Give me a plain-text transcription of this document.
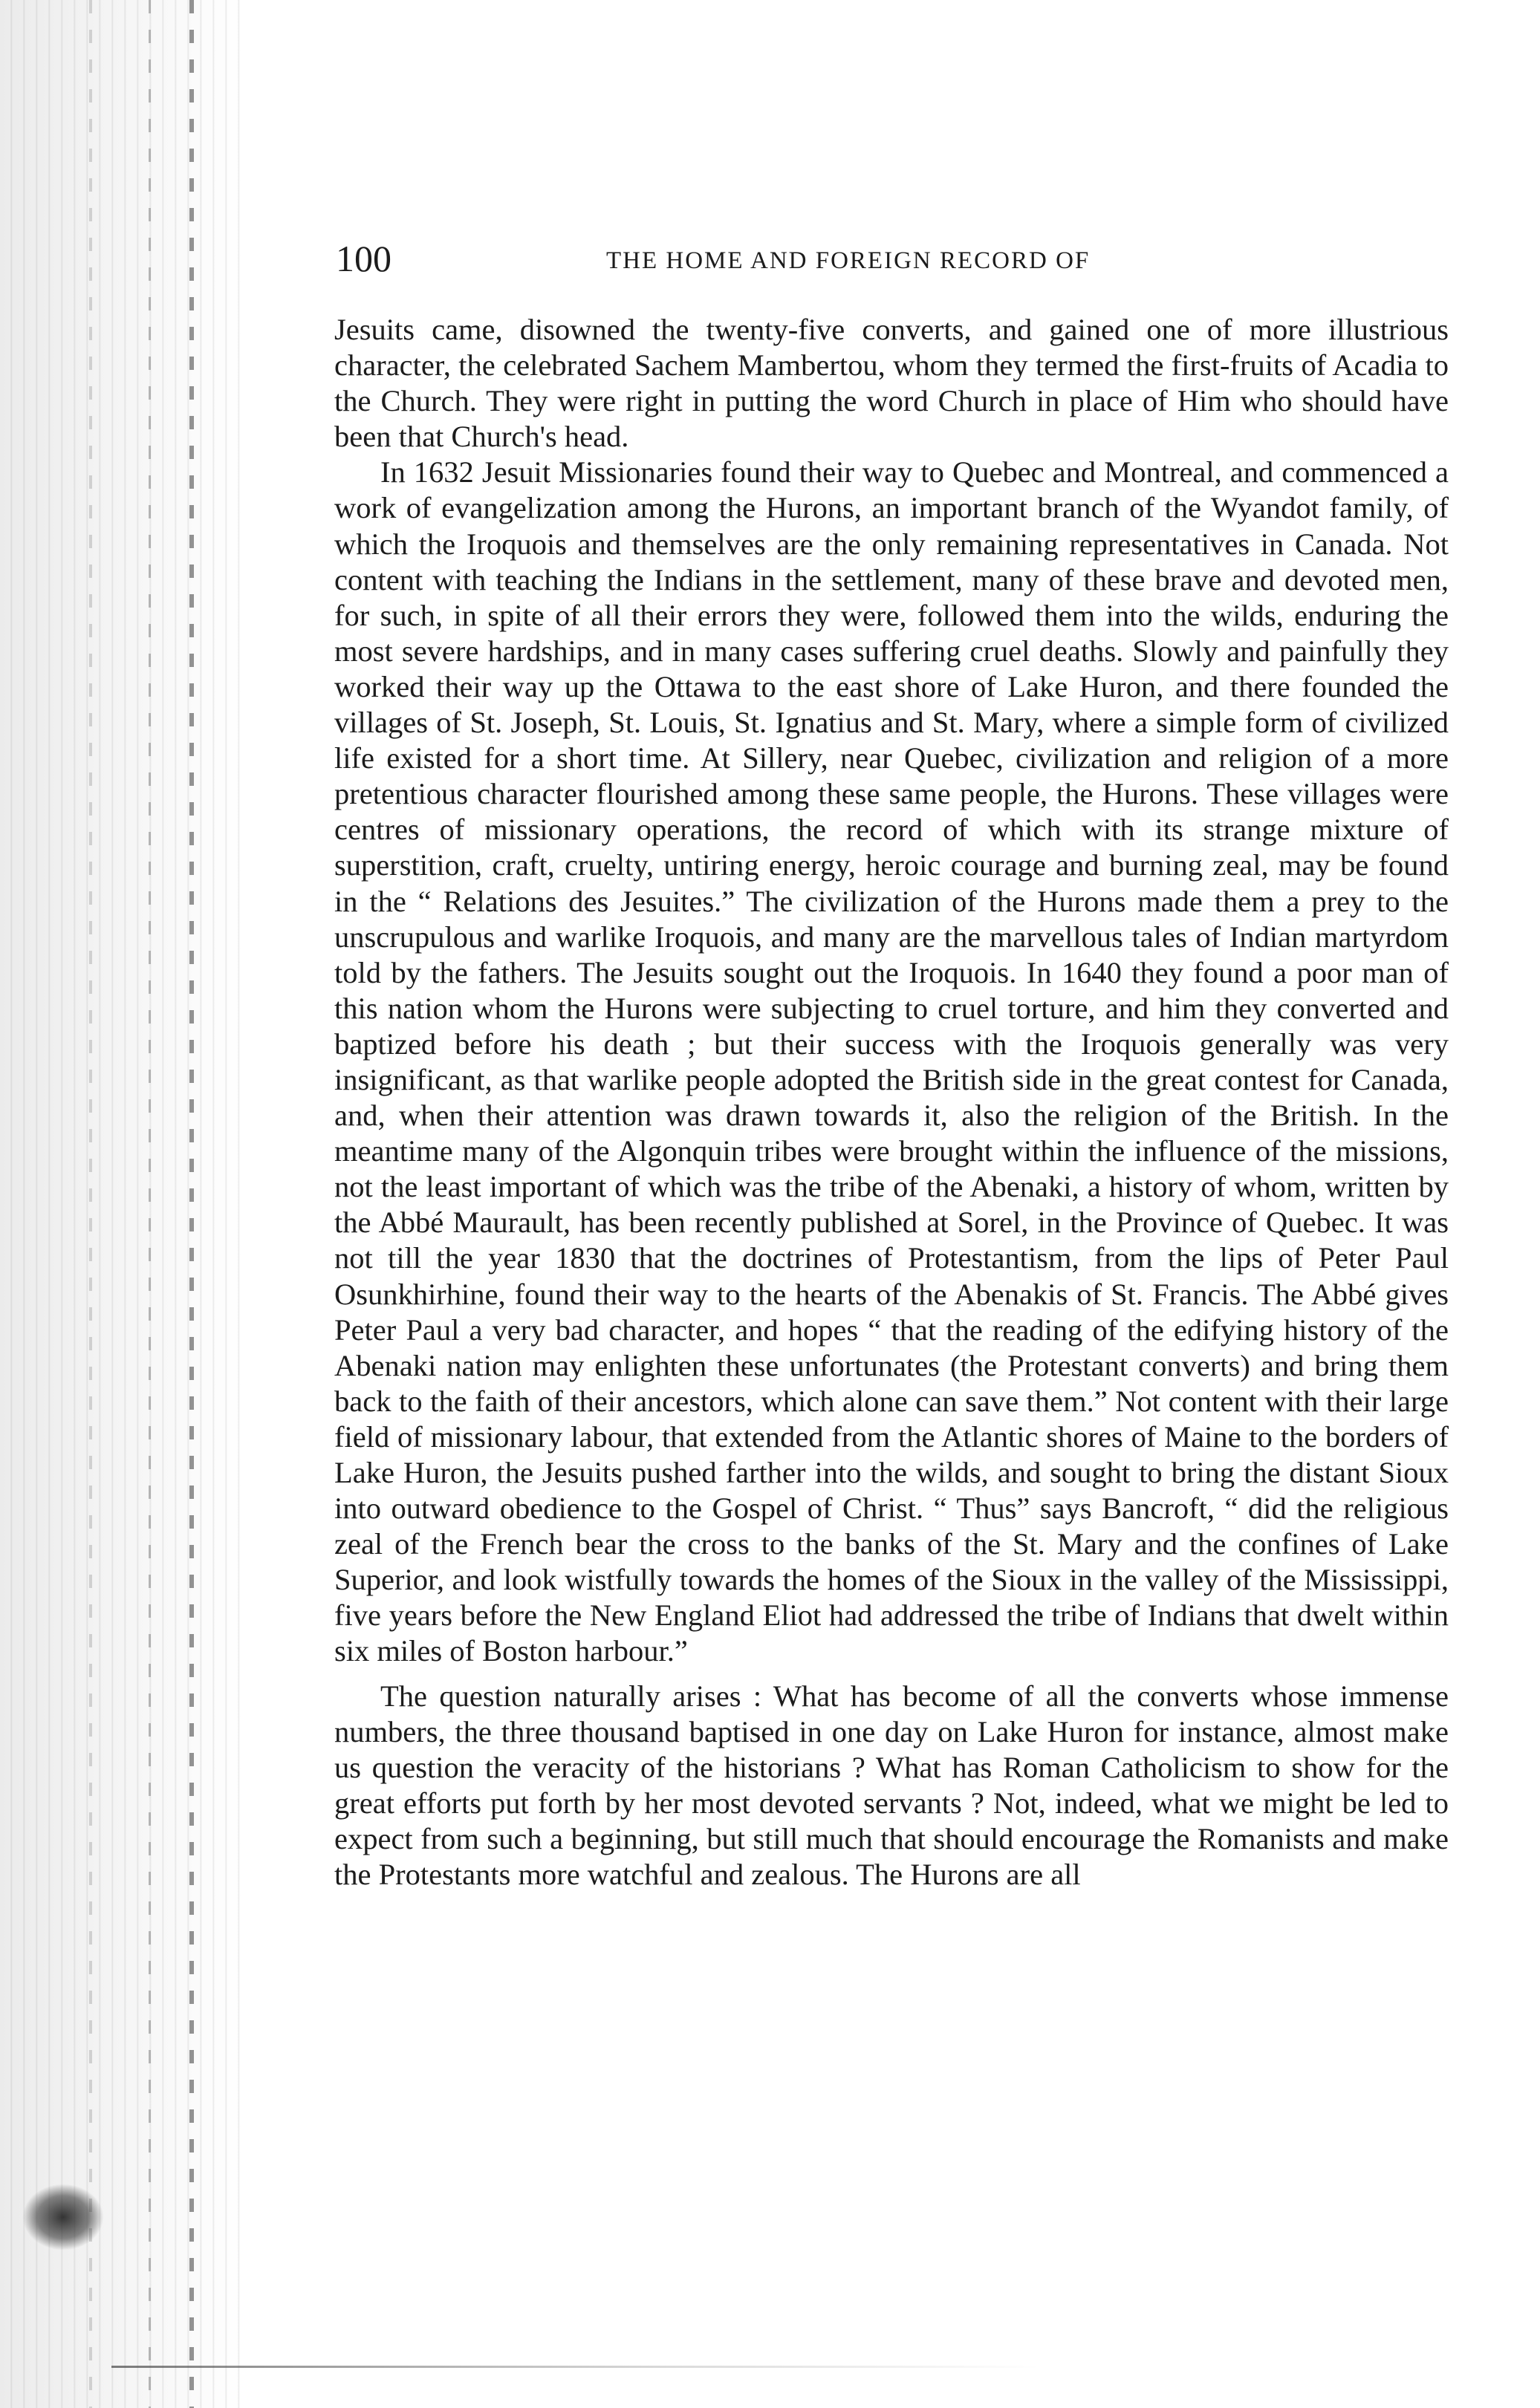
100	THE HOME AND FOREIGN RECORD OF

Jesuits came, disowned the twenty-five converts, and gained one of more illustrious character, the celebrated Sachem Mambertou, whom they termed the first-fruits of Acadia to the Church. They were right in putting the word Church in place of Him who should have been that Church's head.

In 1632 Jesuit Missionaries found their way to Quebec and Montreal, and commenced a work of evangelization among the Hurons, an important branch of the Wyandot family, of which the Iroquois and themselves are the only remaining representatives in Canada. Not content with teaching the Indians in the settlement, many of these brave and devoted men, for such, in spite of all their errors they were, followed them into the wilds, enduring the most severe hardships, and in many cases suffering cruel deaths. Slowly and painfully they worked their way up the Ottawa to the east shore of Lake Huron, and there founded the villages of St. Joseph, St. Louis, St. Ignatius and St. Mary, where a simple form of civilized life existed for a short time. At Sillery, near Quebec, civilization and religion of a more pretentious character flourished among these same people, the Hurons. These villages were centres of missionary operations, the record of which with its strange mixture of superstition, craft, cruelty, untiring energy, heroic courage and burning zeal, may be found in the “ Relations des Jesuites.” The civilization of the Hurons made them a prey to the unscrupulous and warlike Iroquois, and many are the marvellous tales of Indian martyrdom told by the fathers. The Jesuits sought out the Iroquois. In 1640 they found a poor man of this nation whom the Hurons were subjecting to cruel torture, and him they converted and baptized before his death ; but their success with the Iroquois generally was very insignificant, as that warlike people adopted the British side in the great contest for Canada, and, when their attention was drawn towards it, also the religion of the British. In the meantime many of the Algonquin tribes were brought within the influence of the missions, not the least important of which was the tribe of the Abenaki, a history of whom, written by the Abbé Maurault, has been recently published at Sorel, in the Province of Quebec. It was not till the year 1830 that the doctrines of Protestantism, from the lips of Peter Paul Osunkhirhine, found their way to the hearts of the Abenakis of St. Francis. The Abbé gives Peter Paul a very bad character, and hopes “ that the reading of the edifying history of the Abenaki nation may enlighten these unfortunates (the Protestant converts) and bring them back to the faith of their ancestors, which alone can save them.” Not content with their large field of missionary labour, that extended from the Atlantic shores of Maine to the borders of Lake Huron, the Jesuits pushed farther into the wilds, and sought to bring the distant Sioux into outward obedience to the Gospel of Christ. “ Thus” says Bancroft, “ did the religious zeal of the French bear the cross to the banks of the St. Mary and the confines of Lake Superior, and look wistfully towards the homes of the Sioux in the valley of the Mississippi, five years before the New England Eliot had addressed the tribe of Indians that dwelt within six miles of Boston harbour.”

The question naturally arises : What has become of all the converts whose immense numbers, the three thousand baptised in one day on Lake Huron for instance, almost make us question the veracity of the historians ? What has Roman Catholicism to show for the great efforts put forth by her most devoted servants ? Not, indeed, what we might be led to expect from such a beginning, but still much that should encourage the Romanists and make the Protestants more watchful and zealous. The Hurons are all
